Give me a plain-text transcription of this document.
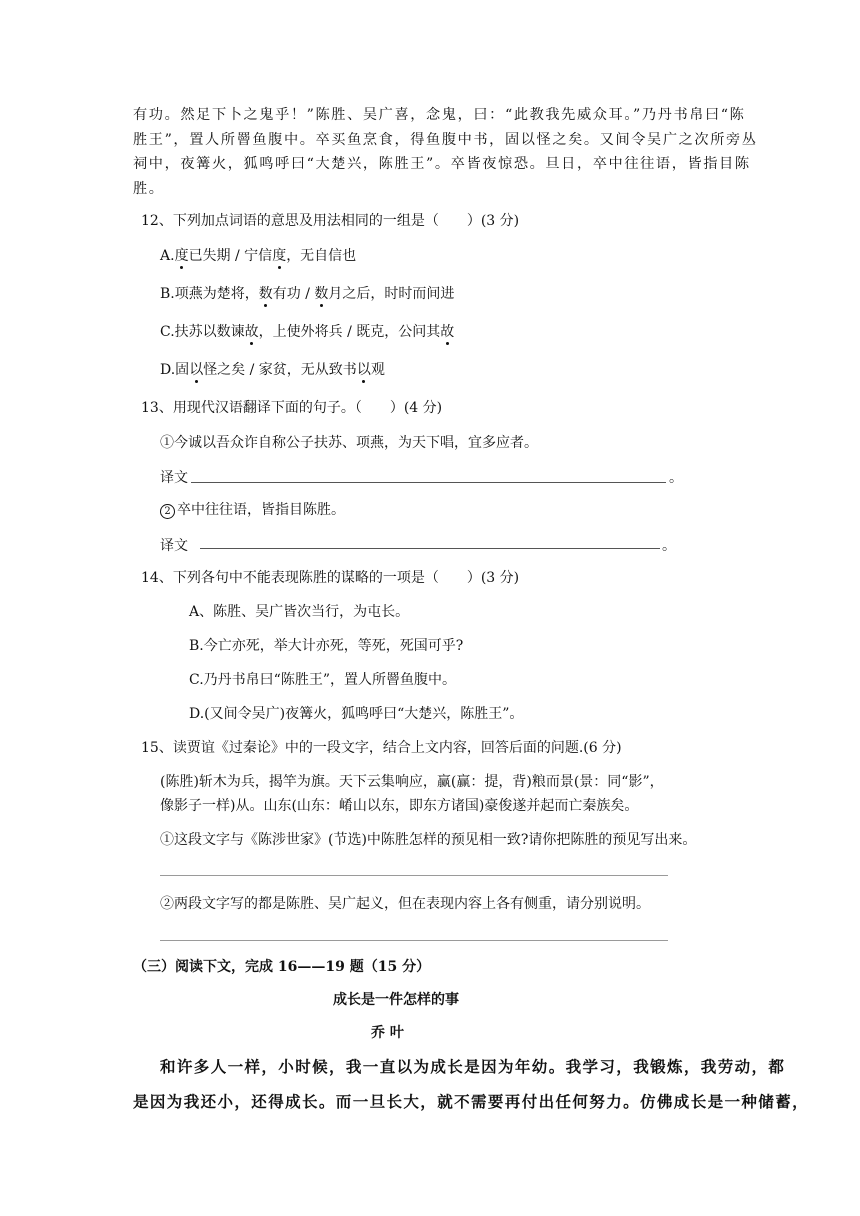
有功。然足下卜之鬼乎！”陈胜、吴广喜，念鬼，曰：“此教我先威众耳。”乃丹书帛曰“陈
胜王”，置人所罾鱼腹中。卒买鱼烹食，得鱼腹中书，固以怪之矣。又间令吴广之次所旁丛
祠中，夜篝火，狐鸣呼曰“大楚兴，陈胜王”。卒皆夜惊恐。旦日，卒中往往语，皆指目陈
胜。
12、下列加点词语的意思及用法相同的一组是（　　）(3 分)
A.度已失期 / 宁信度，无自信也
B.项燕为楚将，数有功 / 数月之后，时时而间进
C.扶苏以数谏故，上使外将兵 / 既克，公问其故
D.固以怪之矣 / 家贫，无从致书以观
13、用现代汉语翻译下面的句子。（　　）(4 分)
①今诚以吾众诈自称公子扶苏、项燕，为天下唱，宜多应者。
译文	。
2 卒中往往语，皆指目陈胜。
译文	。
14、下列各句中不能表现陈胜的谋略的一项是（　　）(3 分)
A、陈胜、吴广皆次当行，为屯长。
B.今亡亦死，举大计亦死，等死，死国可乎?
C.乃丹书帛曰“陈胜王”，置人所罾鱼腹中。
D.(又间令吴广)夜篝火，狐鸣呼曰“大楚兴，陈胜王”。
15、读贾谊《过秦论》中的一段文字，结合上文内容，回答后面的问题.(6 分)
(陈胜)斩木为兵，揭竿为旗。天下云集响应，赢(赢：提，背)粮而景(景：同“影”，
像影子一样)从。山东(山东：崤山以东，即东方诸国)豪俊遂并起而亡秦族矣。
①这段文字与《陈涉世家》(节选)中陈胜怎样的预见相一致?请你把陈胜的预见写出来。
②两段文字写的都是陈胜、吴广起义，但在表现内容上各有侧重，请分别说明。
（三）阅读下文，完成 16——19 题（15 分）
成长是一件怎样的事
乔 叶
和许多人一样，小时候，我一直以为成长是因为年幼。我学习，我锻炼，我劳动，都
是因为我还小，还得成长。而一旦长大，就不需要再付出任何努力。仿佛成长是一种储蓄，
